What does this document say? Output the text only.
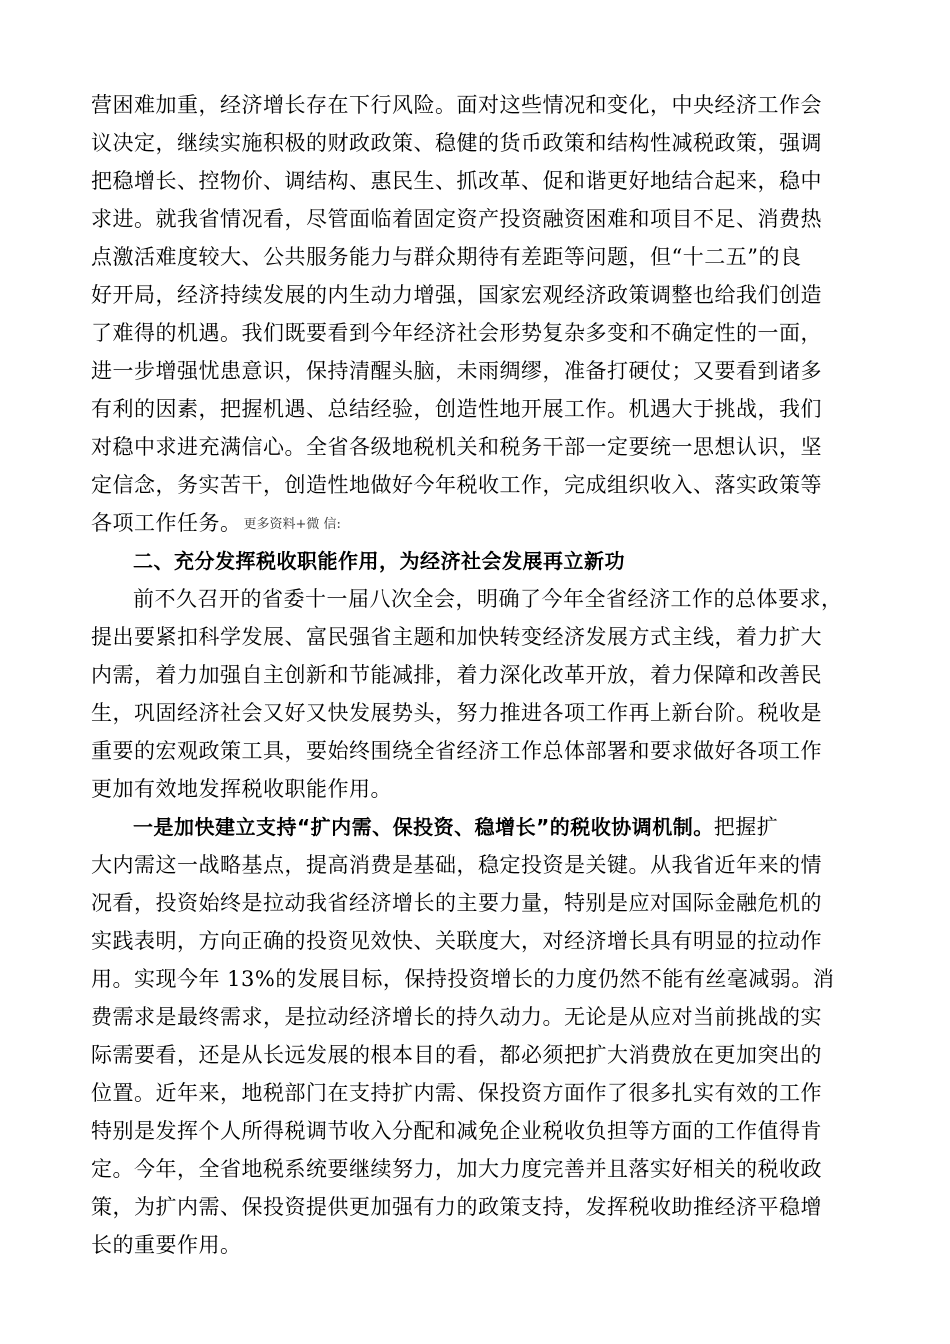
营困难加重，经济增长存在下行风险。面对这些情况和变化，中央经济工作会
议决定，继续实施积极的财政政策、稳健的货币政策和结构性减税政策，强调
把稳增长、控物价、调结构、惠民生、抓改革、促和谐更好地结合起来，稳中
求进。就我省情况看，尽管面临着固定资产投资融资困难和项目不足、消费热
点激活难度较大、公共服务能力与群众期待有差距等问题，但“十二五”的良
好开局，经济持续发展的内生动力增强，国家宏观经济政策调整也给我们创造
了难得的机遇。我们既要看到今年经济社会形势复杂多变和不确定性的一面，
进一步增强忧患意识，保持清醒头脑，未雨绸缪，准备打硬仗；又要看到诸多
有利的因素，把握机遇、总结经验，创造性地开展工作。机遇大于挑战，我们
对稳中求进充满信心。全省各级地税机关和税务干部一定要统一思想认识，坚
定信念，务实苦干，创造性地做好今年税收工作，完成组织收入、落实政策等
各项工作任务。 更多资料+微 信:
二、充分发挥税收职能作用，为经济社会发展再立新功
前不久召开的省委十一届八次全会，明确了今年全省经济工作的总体要求，
提出要紧扣科学发展、富民强省主题和加快转变经济发展方式主线，着力扩大
内需，着力加强自主创新和节能减排，着力深化改革开放，着力保障和改善民
生，巩固经济社会又好又快发展势头，努力推进各项工作再上新台阶。税收是
重要的宏观政策工具，要始终围绕全省经济工作总体部署和要求做好各项工作
更加有效地发挥税收职能作用。
一是加快建立支持“扩内需、保投资、稳增长”的税收协调机制。把握扩
大内需这一战略基点，提高消费是基础，稳定投资是关键。从我省近年来的情
况看，投资始终是拉动我省经济增长的主要力量，特别是应对国际金融危机的
实践表明，方向正确的投资见效快、关联度大，对经济增长具有明显的拉动作
用。实现今年 13%的发展目标，保持投资增长的力度仍然不能有丝毫减弱。消
费需求是最终需求，是拉动经济增长的持久动力。无论是从应对当前挑战的实
际需要看，还是从长远发展的根本目的看，都必须把扩大消费放在更加突出的
位置。近年来，地税部门在支持扩内需、保投资方面作了很多扎实有效的工作
特别是发挥个人所得税调节收入分配和减免企业税收负担等方面的工作值得肯
定。今年，全省地税系统要继续努力，加大力度完善并且落实好相关的税收政
策，为扩内需、保投资提供更加强有力的政策支持，发挥税收助推经济平稳增
长的重要作用。
